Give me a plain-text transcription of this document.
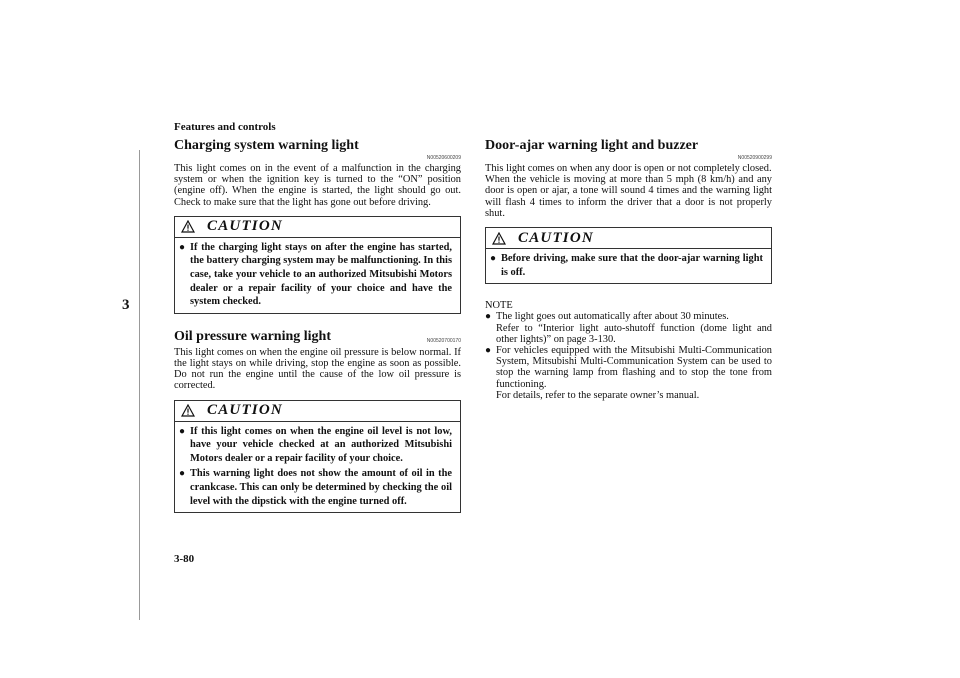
Features and controls
3
3-80
N00520600209
Charging system warning light

This light comes on in the event of a malfunction in the charging system or when the ignition key is turned to the “ON” position (engine off). When the engine is started, the light should go out. Check to make sure that the light has gone out before driving.

CAUTION
● If the charging light stays on after the engine has started, the battery charging system may be malfunctioning. In this case, take your vehicle to an authorized Mitsubishi Motors dealer or a repair facility of your choice and have the system checked.
N00520700170
Oil pressure warning light

This light comes on when the engine oil pressure is below normal. If the light stays on while driving, stop the engine as soon as possible. Do not run the engine until the cause of the low oil pressure is corrected.

CAUTION
● If this light comes on when the engine oil level is not low, have your vehicle checked at an authorized Mitsubishi Motors dealer or a repair facility of your choice.
● This warning light does not show the amount of oil in the crankcase. This can only be determined by checking the oil level with the dipstick with the engine turned off.
N00520900299
Door-ajar warning light and buzzer

This light comes on when any door is open or not completely closed.

When the vehicle is moving at more than 5 mph (8 km/h) and any door is open or ajar, a tone will sound 4 times and the warning light will flash 4 times to inform the driver that a door is not properly shut.

CAUTION
● Before driving, make sure that the door-ajar warning light is off.
NOTE
● The light goes out automatically after about 30 minutes.
Refer to “Interior light auto-shutoff function (dome light and other lights)” on page 3-130.
● For vehicles equipped with the Mitsubishi Multi-Communication System, Mitsubishi Multi-Communication System can be used to stop the warning lamp from flashing and to stop the tone from functioning.
For details, refer to the separate owner’s manual.
